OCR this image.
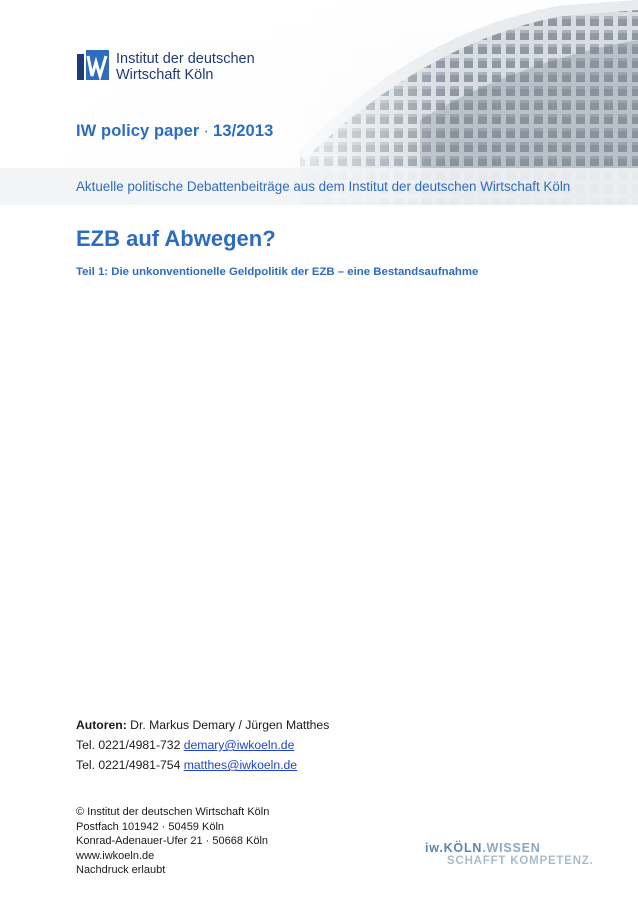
Institut der deutschen
Wirtschaft Köln
IW policy paper · 13/2013
Aktuelle politische Debattenbeiträge aus dem Institut der deutschen Wirtschaft Köln
EZB auf Abwegen?
Teil 1: Die unkonventionelle Geldpolitik der EZB – eine Bestandsaufnahme
Autoren: Dr. Markus Demary / Jürgen Matthes
Tel. 0221/4981-732 demary@iwkoeln.de
Tel. 0221/4981-754 matthes@iwkoeln.de
© Institut der deutschen Wirtschaft Köln
Postfach 101942 · 50459 Köln
Konrad-Adenauer-Ufer 21 · 50668 Köln
www.iwkoeln.de
Nachdruck erlaubt
iw.KÖLN.WISSEN
SCHAFFT KOMPETENZ.
